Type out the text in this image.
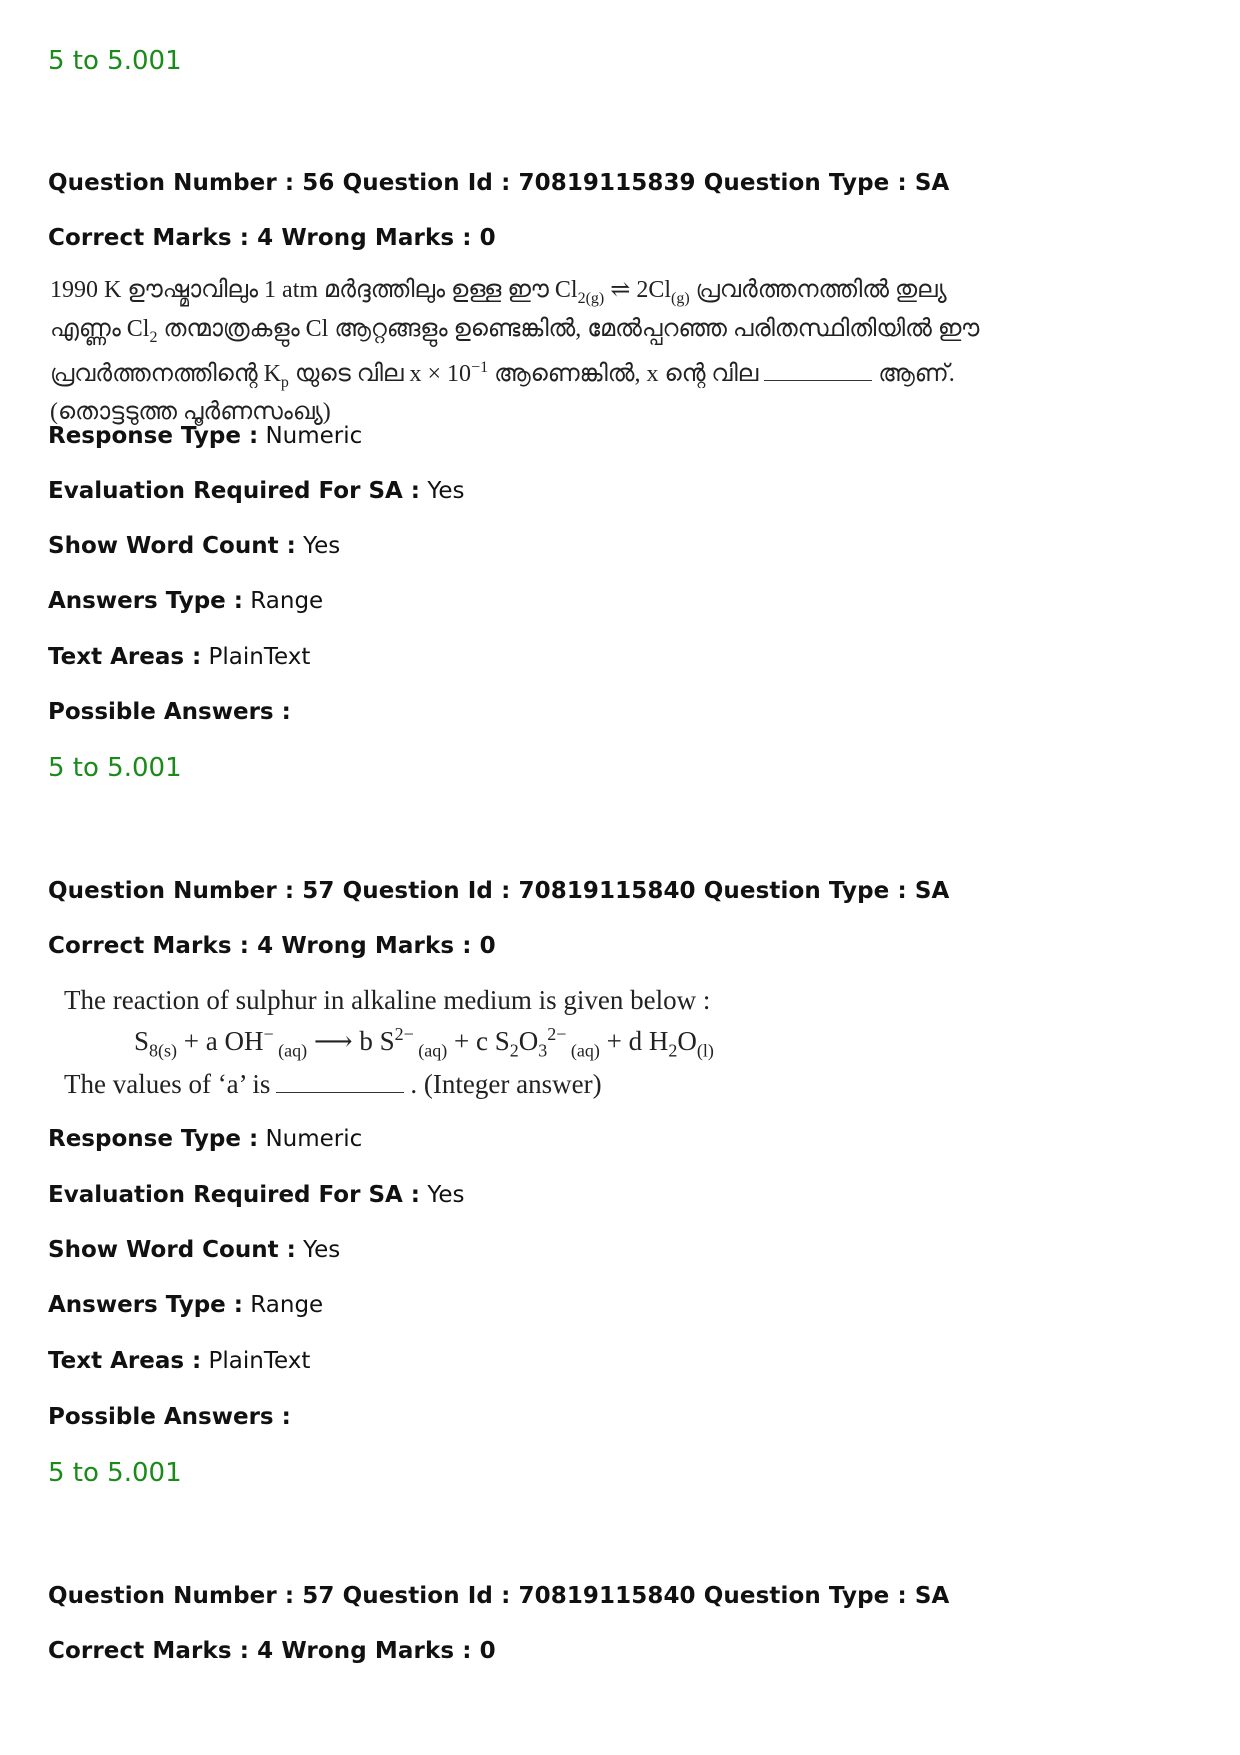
5 to 5.001
Question Number : 56 Question Id : 70819115839 Question Type : SA
Correct Marks : 4 Wrong Marks : 0
1990 K ഊഷ്മാവിലും 1 atm മർദ്ദത്തിലും ഉള്ള ഈ $Cl_{2(g)}$ ⇌ $2Cl_{(g)}$ പ്രവർത്തനത്തിൽ തുല്യ
എണ്ണം $Cl_2$ തന്മാത്രകളും Cl ആറ്റങ്ങളും ഉണ്ടെങ്കിൽ, മേൽപ്പറഞ്ഞ പരിതസ്ഥിതിയിൽ ഈ
പ്രവർത്തനത്തിന്റെ $K_p$ യുടെ വില $x \times 10^{-1}$ ആണെങ്കിൽ, x ന്റെ വില	ആണ്.
(തൊട്ടടുത്ത പൂർണസംഖ്യ)
Response Type : Numeric
Evaluation Required For SA : Yes
Show Word Count : Yes
Answers Type : Range
Text Areas : PlainText
Possible Answers :
5 to 5.001
Question Number : 57 Question Id : 70819115840 Question Type : SA
Correct Marks : 4 Wrong Marks : 0
The reaction of sulphur in alkaline medium is given below :
$S_{8(s)} + a$ OH− $_{(aq)}$ ⟶ b $S^{2-}$ $_{(aq)}$ + c $S_2O_3^{2-}$ $_{(aq)}$ + d $H_2O_{(l)}$
The values of ‘a’ is	. (Integer answer)
Response Type : Numeric
Evaluation Required For SA : Yes
Show Word Count : Yes
Answers Type : Range
Text Areas : PlainText
Possible Answers :
5 to 5.001
Question Number : 57 Question Id : 70819115840 Question Type : SA
Correct Marks : 4 Wrong Marks : 0
